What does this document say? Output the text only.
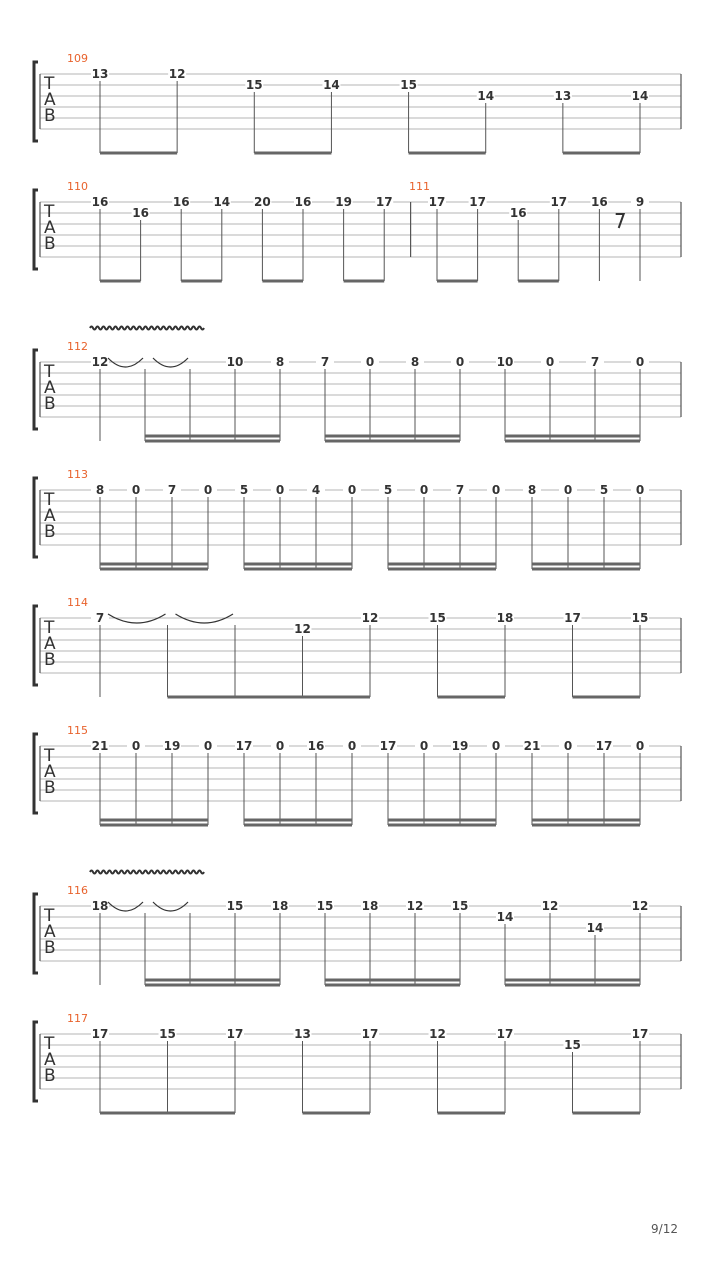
T
A
B
109
13	12
15	14	15
14	13	14
T
A
B
110
16
16
16 14 20 16 19 17
111
17 17
16
17 16 9
T
A
B
112
12	10	8	7	0	8	0	10	0	7	0
T
A
B
113
8 0 7 0 5 0 4 0 5 0 7 0 8 0 5 0
T
A
B
114
7
12
12	15	18	17	15
T
A
B
115
21 0 19 0 17 0 16 0 17 0 19 0 21 0 17 0
T
A
B
116
18	15 18 15 18 12 15
14
12
14
12
T
A
B
117
17	15	17	13	17	12	17
15
17
9/12
